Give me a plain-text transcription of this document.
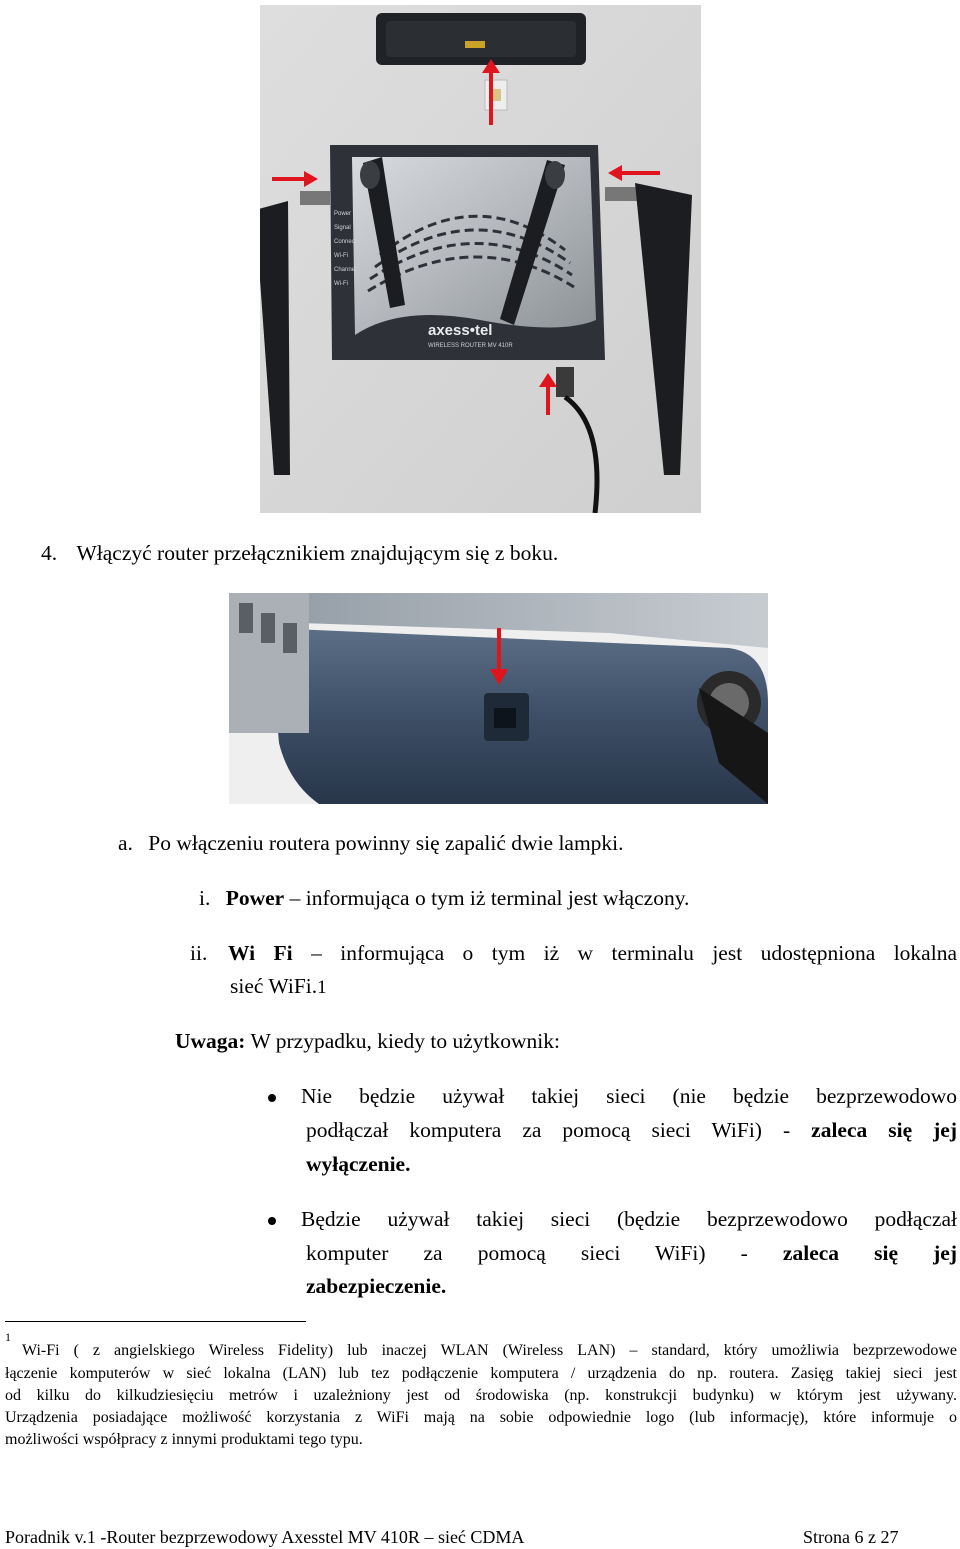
Power
Signal
Connect
Wi-Fi
Channel
Wi-Fi
axess•tel
WIRELESS ROUTER MV 410R
4. Włączyć router przełącznikiem znajdującym się z boku.
a. Po włączeniu routera powinny się zapalić dwie lampki.
i. Power – informująca o tym iż terminal jest włączony.
ii. Wi Fi – informująca o tym iż w terminalu jest udostępniona lokalna
sieć WiFi.1
Uwaga: W przypadku, kiedy to użytkownik:
Nie będzie używał takiej sieci (nie będzie bezprzewodowo
podłączał komputera za pomocą sieci WiFi) - zaleca się jej
wyłączenie.
Będzie używał takiej sieci (będzie bezprzewodowo podłączał
komputer za pomocą sieci WiFi) - zaleca się jej
zabezpieczenie.
1
Wi-Fi ( z angielskiego Wireless Fidelity) lub inaczej WLAN (Wireless LAN) – standard, który umożliwia bezprzewodowe
łączenie komputerów w sieć lokalna (LAN) lub tez podłączenie komputera / urządzenia do np. routera. Zasięg takiej sieci jest
od kilku do kilkudziesięciu metrów i uzależniony jest od środowiska (np. konstrukcji budynku) w którym jest używany.
Urządzenia posiadające możliwość korzystania z WiFi mają na sobie odpowiednie logo (lub informację), które informuje o
możliwości współpracy z innymi produktami tego typu.
Poradnik v.1 -Router bezprzewodowy Axesstel MV 410R – sieć CDMA	Strona 6 z 27
